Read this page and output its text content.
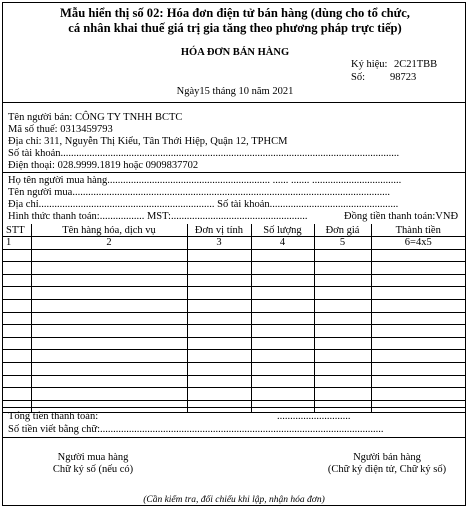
Mẫu hiển thị số 02: Hóa đơn điện tử bán hàng (dùng cho tổ chức,
cá nhân khai thuế giá trị gia tăng theo phương pháp trực tiếp)
HÓA ĐƠN BÁN HÀNG
Ký hiệu: 2C21TBB
Số: 98723
Ngày15 tháng 10 năm 2021
Tên người bán: CÔNG TY TNHH BCTC
Mã số thuế: 0313459793
Địa chỉ: 311, Nguyễn Thị Kiểu, Tân Thới Hiệp, Quận 12, TPHCM
Số tài khoản.................................................................................................................................
Điện thoại: 028.9999.1819 hoặc 0909837702
Họ tên người mua hàng.............................................................. ...... ....... ..................................
Tên người mua.........................................................................................................................
Địa chỉ................................................................... Số tài khoản.................................................
Hình thức thanh toán:................. MST:....................................................	Đồng tiền thanh toán:VNĐ
STT	Tên hàng hóa, dịch vụ	Đơn vị tính	Số lượng	Đơn giá	Thành tiền
1	2	3	4	5	6=4x5

Tổng tiền thanh toán:	............................
Số tiền viết bằng chữ:............................................................................................................
Người mua hàng
Chữ ký số (nếu có)
Người bán hàng
(Chữ ký điện tử, Chữ ký số)
(Cần kiểm tra, đối chiếu khi lập, nhận hóa đơn)
